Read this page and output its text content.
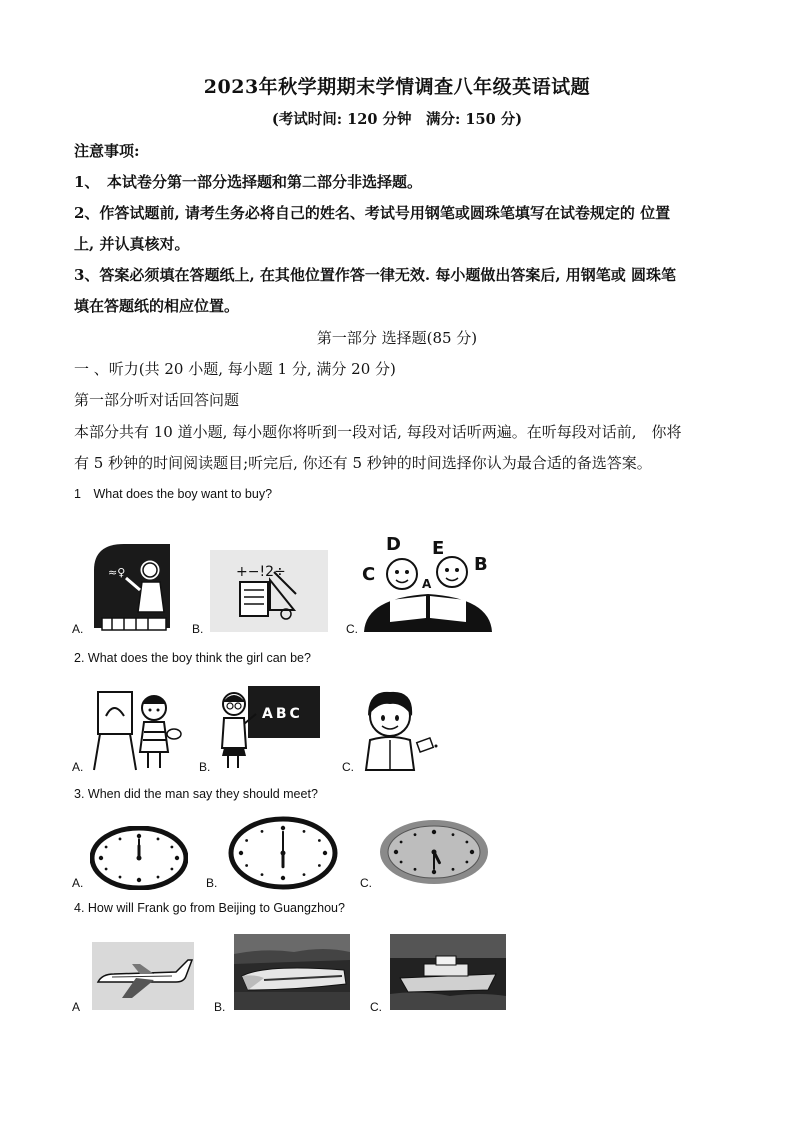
2023年秋学期期末学情调查八年级英语试题
(考试时间: 120 分钟　满分: 150 分)
注意事项:
1、　本试卷分第一部分选择题和第二部分非选择题。
2、作答试题前, 请考生务必将自己的姓名、考试号用钢笔或圆珠笔填写在试卷规定的 位置
上, 并认真核对。
3、答案必须填在答题纸上, 在其他位置作答一律无效. 每小题做出答案后, 用钢笔或 圆珠笔
填在答题纸的相应位置。
第一部分 选择题(85 分)
一 、听力(共 20 小题, 每小题 1 分, 满分 20 分)
第一部分听对话回答问题
本部分共有 10 道小题, 每小题你将听到一段对话, 每段对话听两遍。在听每段对话前,　你将
有 5 秒钟的时间阅读题目;听完后, 你还有 5 秒钟的时间选择你认为最合适的备选答案。
1　What does the boy want to buy?
A.
≈♀
B.
+−!2÷
C.
D E
C	B
A
2. What does the boy think the girl can be?
A.	B.
ABC
C.
3. When did the man say they should meet?
A.	B.	C.
4. How will Frank go from Beijing to Guangzhou?
A	B.	C.
